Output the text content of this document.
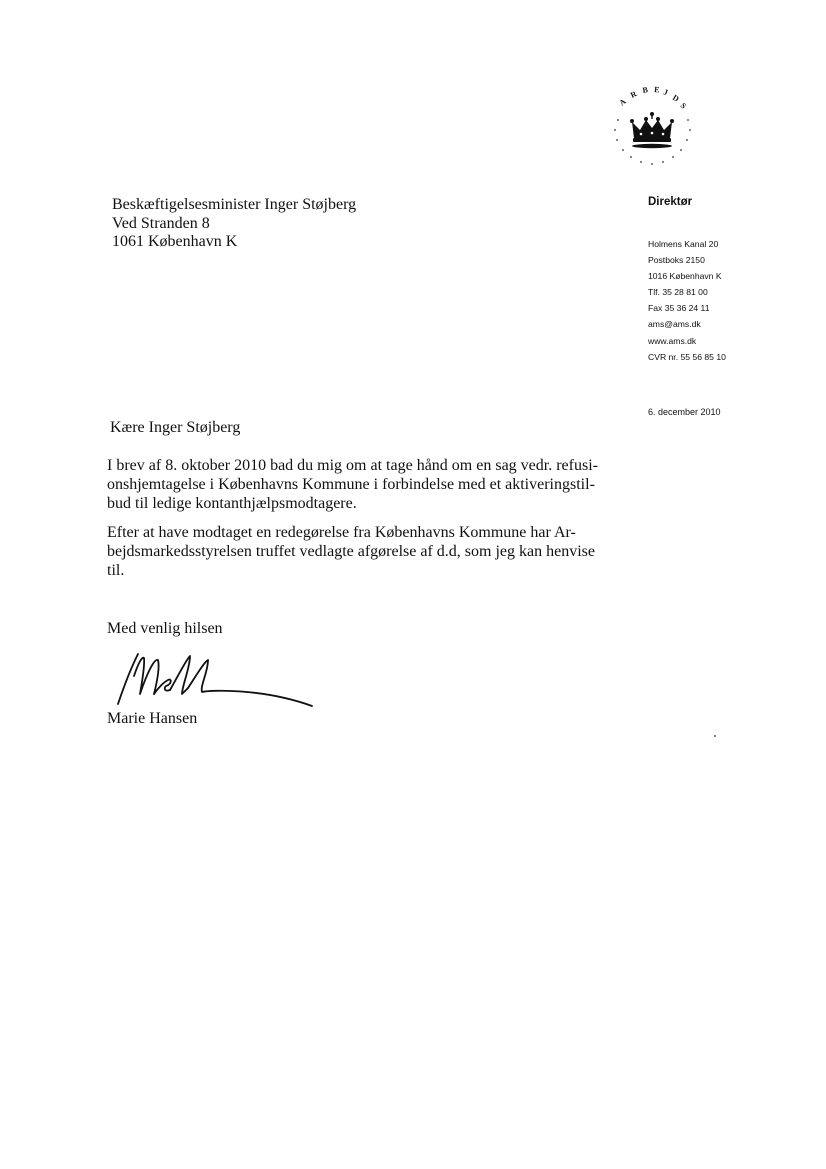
A
R B E J
D
S
Beskæftigelsesminister Inger Støjberg
Ved Stranden 8
1061 København K
Direktør
Holmens Kanal 20
Postboks 2150
1016 København K
Tlf. 35 28 81 00
Fax 35 36 24 11
ams@ams.dk
www.ams.dk
CVR nr. 55 56 85 10
6. december 2010
Kære Inger Støjberg
I brev af 8. oktober 2010 bad du mig om at tage hånd om en sag vedr. refusi-
onshjemtagelse i Københavns Kommune i forbindelse med et aktiveringstil-
bud til ledige kontanthjælpsmodtagere.
Efter at have modtaget en redegørelse fra Københavns Kommune har Ar-
bejdsmarkedsstyrelsen truffet vedlagte afgørelse af d.d, som jeg kan henvise
til.
Med venlig hilsen
Marie Hansen
